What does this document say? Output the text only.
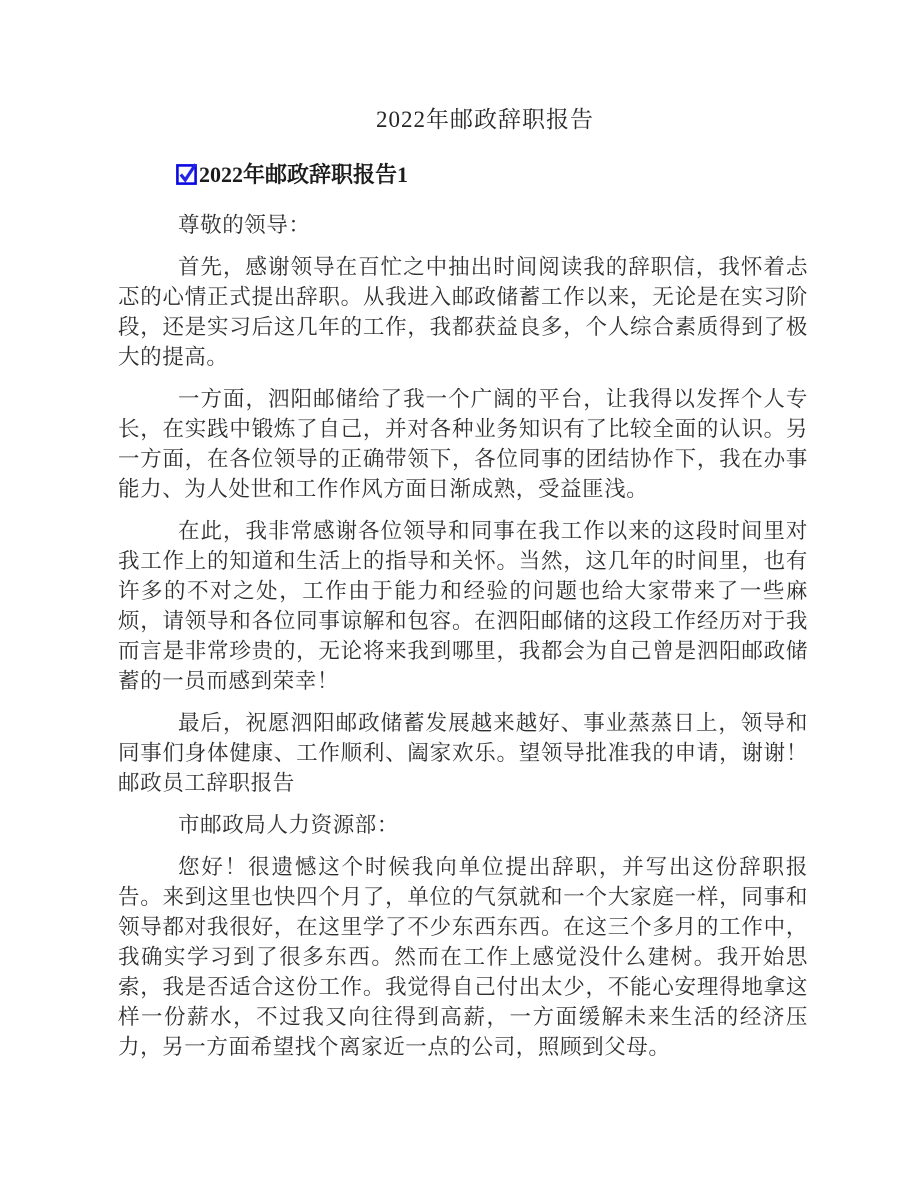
2022年邮政辞职报告
2022年邮政辞职报告1

尊敬的领导：

首先，感谢领导在百忙之中抽出时间阅读我的辞职信，我怀着忐忑的心情正式提出辞职。从我进入邮政储蓄工作以来，无论是在实习阶段，还是实习后这几年的工作，我都获益良多，个人综合素质得到了极大的提高。

一方面，泗阳邮储给了我一个广阔的平台，让我得以发挥个人专长，在实践中锻炼了自己，并对各种业务知识有了比较全面的认识。另一方面，在各位领导的正确带领下，各位同事的团结协作下，我在办事能力、为人处世和工作作风方面日渐成熟，受益匪浅。

在此，我非常感谢各位领导和同事在我工作以来的这段时间里对我工作上的知道和生活上的指导和关怀。当然，这几年的时间里，也有许多的不对之处，工作由于能力和经验的问题也给大家带来了一些麻烦，请领导和各位同事谅解和包容。在泗阳邮储的这段工作经历对于我而言是非常珍贵的，无论将来我到哪里，我都会为自己曾是泗阳邮政储蓄的一员而感到荣幸！

最后，祝愿泗阳邮政储蓄发展越来越好、事业蒸蒸日上，领导和同事们身体健康、工作顺利、阖家欢乐。望领导批准我的申请，谢谢！邮政员工辞职报告

市邮政局人力资源部：

您好！很遗憾这个时候我向单位提出辞职，并写出这份辞职报告。来到这里也快四个月了，单位的气氛就和一个大家庭一样，同事和领导都对我很好，在这里学了不少东西东西。在这三个多月的工作中，我确实学习到了很多东西。然而在工作上感觉没什么建树。我开始思索，我是否适合这份工作。我觉得自己付出太少，不能心安理得地拿这样一份薪水，不过我又向往得到高薪，一方面缓解未来生活的经济压力，另一方面希望找个离家近一点的公司，照顾到父母。
